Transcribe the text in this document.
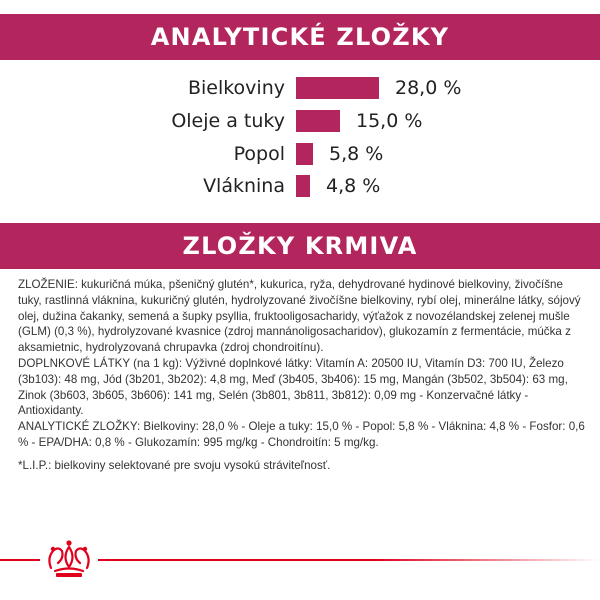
ANALYTICKÉ ZLOŽKY
Bielkoviny	28,0 %
Oleje a tuky	15,0 %
Popol 5,8 %
Vláknina 4,8 %
ZLOŽKY KRMIVA

ZLOŽENIE: kukuričná múka, pšeničný glutén*, kukurica, ryža, dehydrované hydinové bielkoviny, živočíšne tuky, rastlinná vláknina, kukuričný glutén, hydrolyzované živočíšne bielkoviny, rybí olej, minerálne látky, sójový olej, dužina čakanky, semená a šupky psyllia, fruktooligosacharidy, výťažok z novozélandskej zelenej mušle (GLM) (0,3 %), hydrolyzované kvasnice (zdroj mannánoligosacharidov), glukozamín z fermentácie, múčka z aksamietnic, hydrolyzovaná chrupavka (zdroj chondroitínu).

DOPLNKOVÉ LÁTKY (na 1 kg): Výživné doplnkové látky: Vitamín A: 20500 IU, Vitamín D3: 700 IU, Železo (3b103): 48 mg, Jód (3b201, 3b202): 4,8 mg, Meď (3b405, 3b406): 15 mg, Mangán (3b502, 3b504): 63 mg, Zinok (3b603, 3b605, 3b606): 141 mg, Selén (3b801, 3b811, 3b812): 0,09 mg - Konzervačné látky - Antioxidanty.

ANALYTICKÉ ZLOŽKY: Bielkoviny: 28,0 % - Oleje a tuky: 15,0 % - Popol: 5,8 % - Vláknina: 4,8 % - Fosfor: 0,6 % - EPA/DHA: 0,8 % - Glukozamín: 995 mg/kg - Chondroitín: 5 mg/kg.

*L.I.P.: bielkoviny selektované pre svoju vysokú stráviteľnosť.
